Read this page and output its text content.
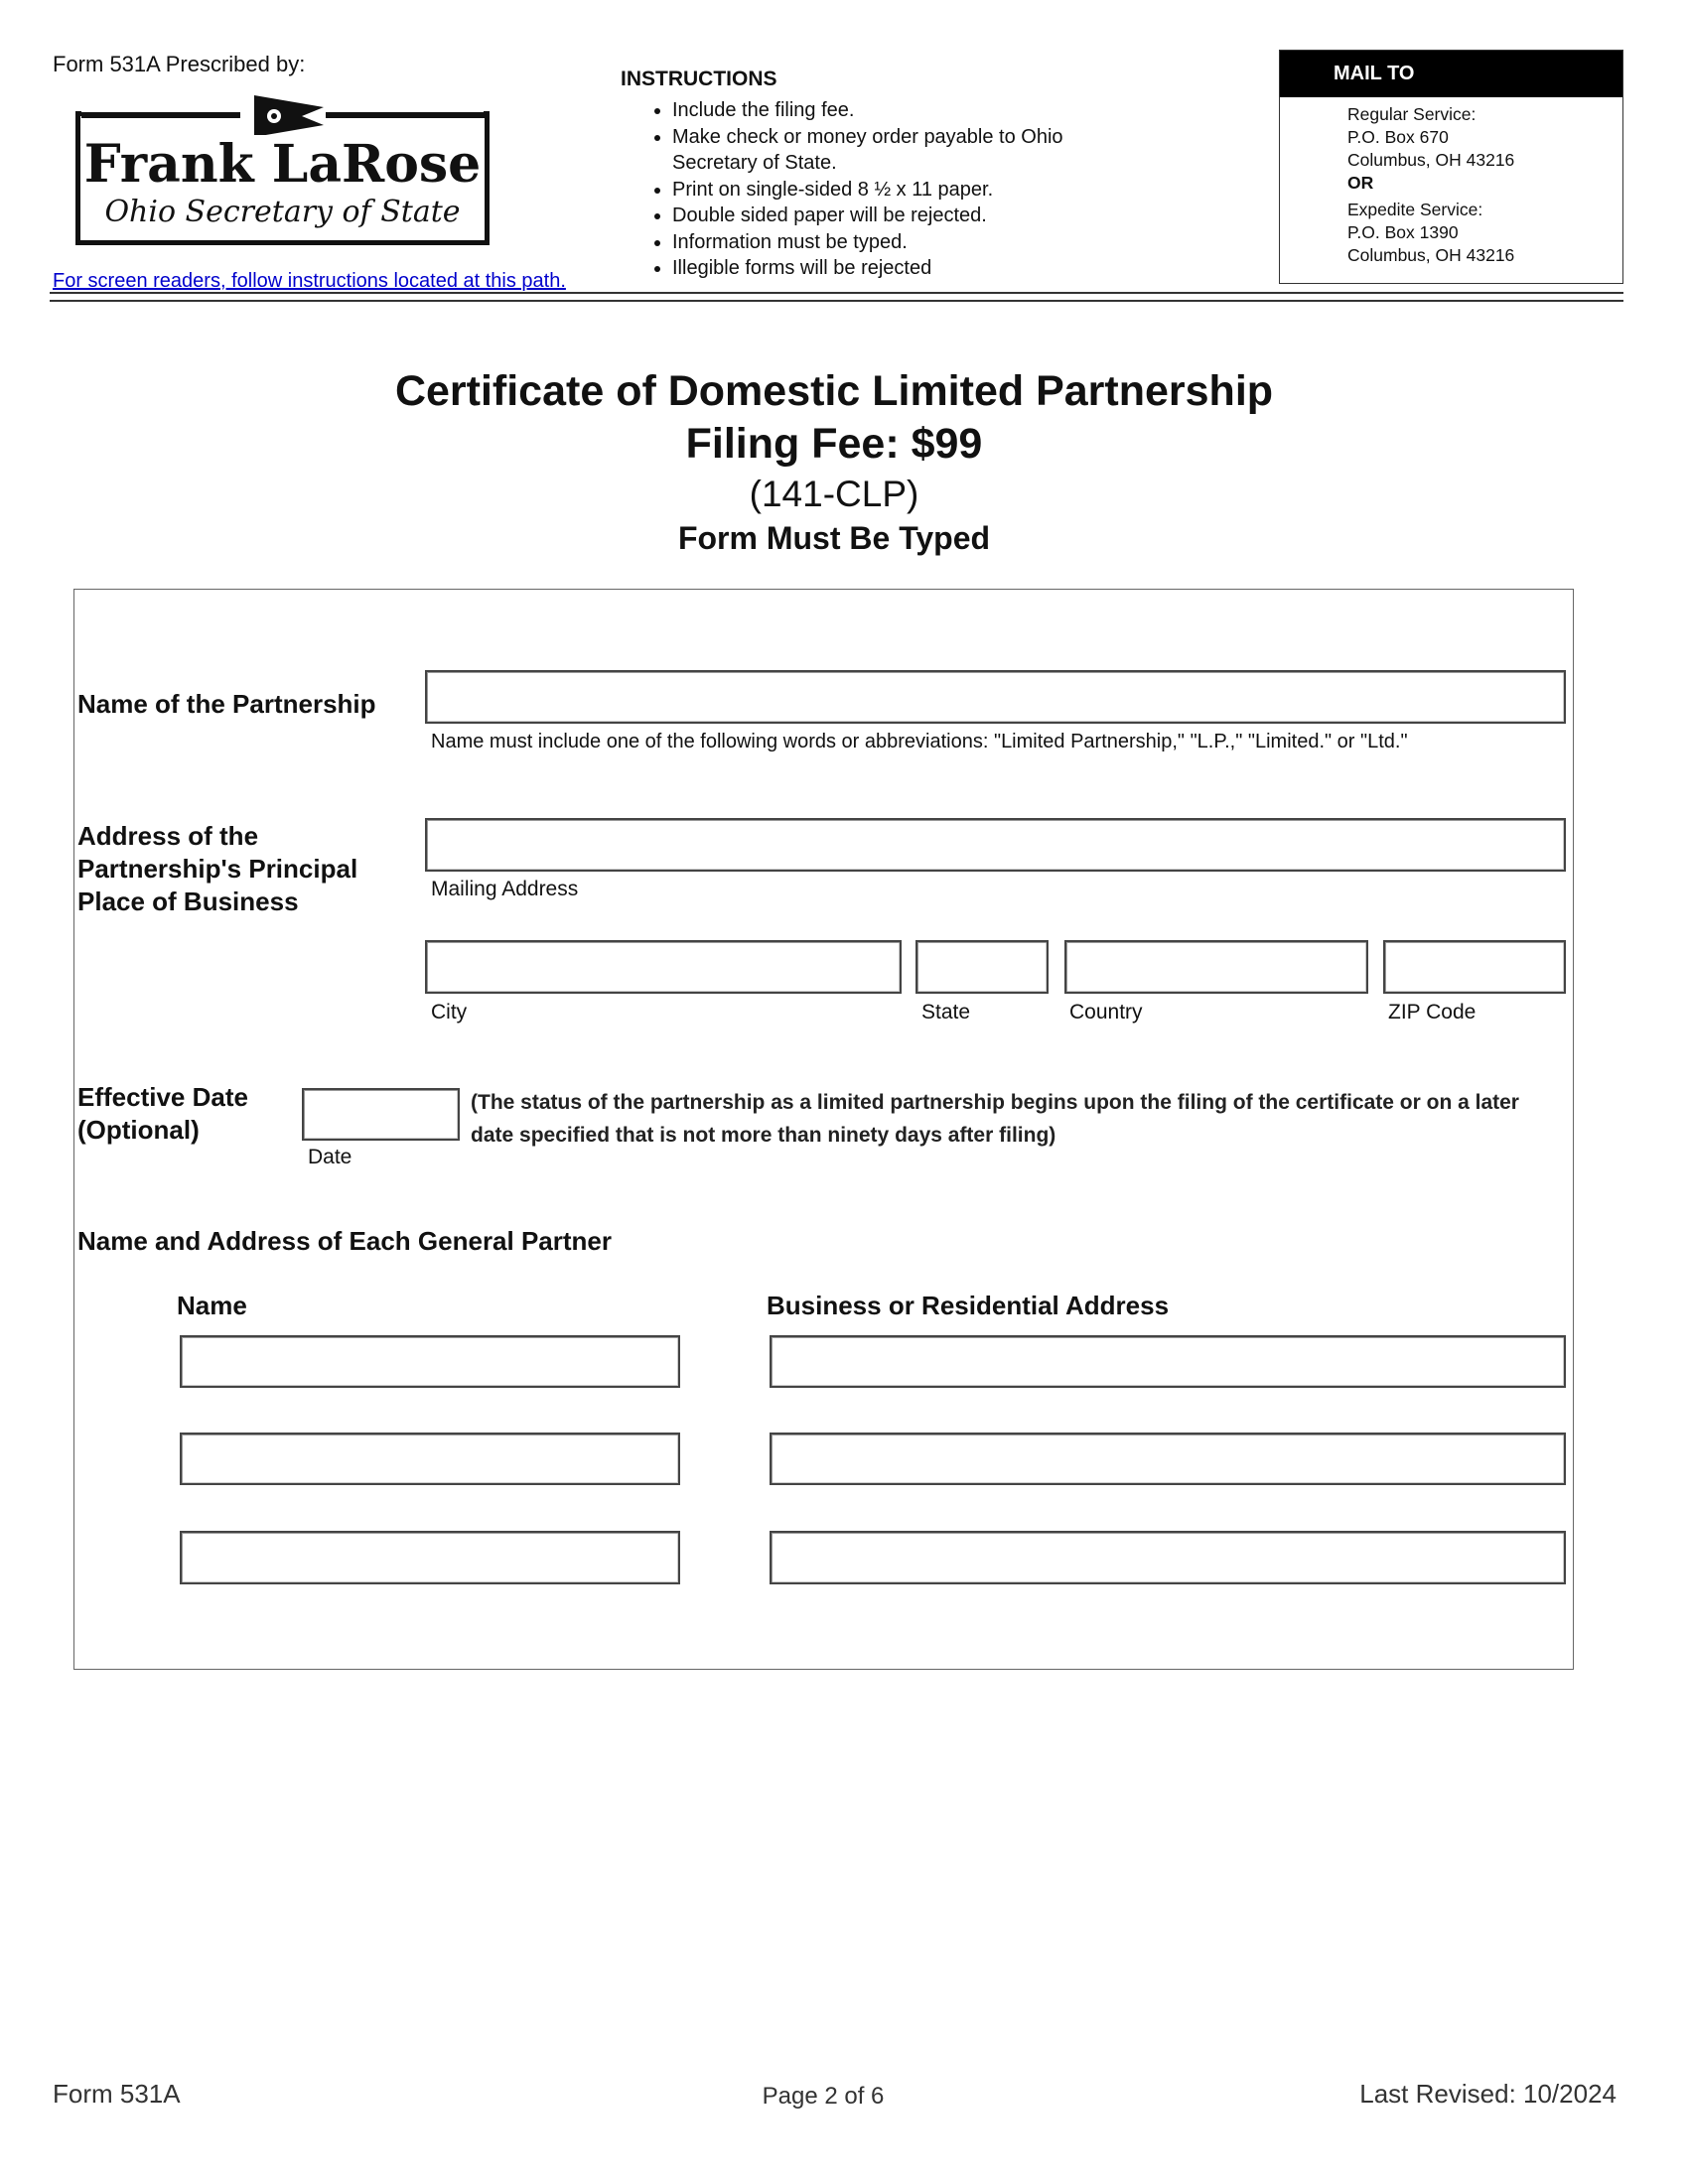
Form 531A Prescribed by:
Frank LaRose
Ohio Secretary of State
For screen readers, follow instructions located at this path.
INSTRUCTIONS
• Include the filing fee.
• Make check or money order payable to Ohio Secretary of State.
• Print on single-sided 8 ½ x 11 paper.
• Double sided paper will be rejected.
• Information must be typed.
• Illegible forms will be rejected
MAIL TO
Regular Service:
P.O. Box 670
Columbus, OH 43216
OR
Expedite Service:
P.O. Box 1390
Columbus, OH 43216
Certificate of Domestic Limited Partnership
Filing Fee: $99
(141-CLP)
Form Must Be Typed
Name of the Partnership
Name must include one of the following words or abbreviations: "Limited Partnership," "L.P.," "Limited." or "Ltd."
Address of the
Partnership's Principal
Place of Business	Mailing Address
City	State	Country	ZIP Code
Effective Date
(Optional)
Date
(The status of the partnership as a limited partnership begins upon the filing of the certificate or on a later
date specified that is not more than ninety days after filing)
Name and Address of Each General Partner
Name	Business or Residential Address
Form 531A	Page 2 of 6	Last Revised: 10/2024
